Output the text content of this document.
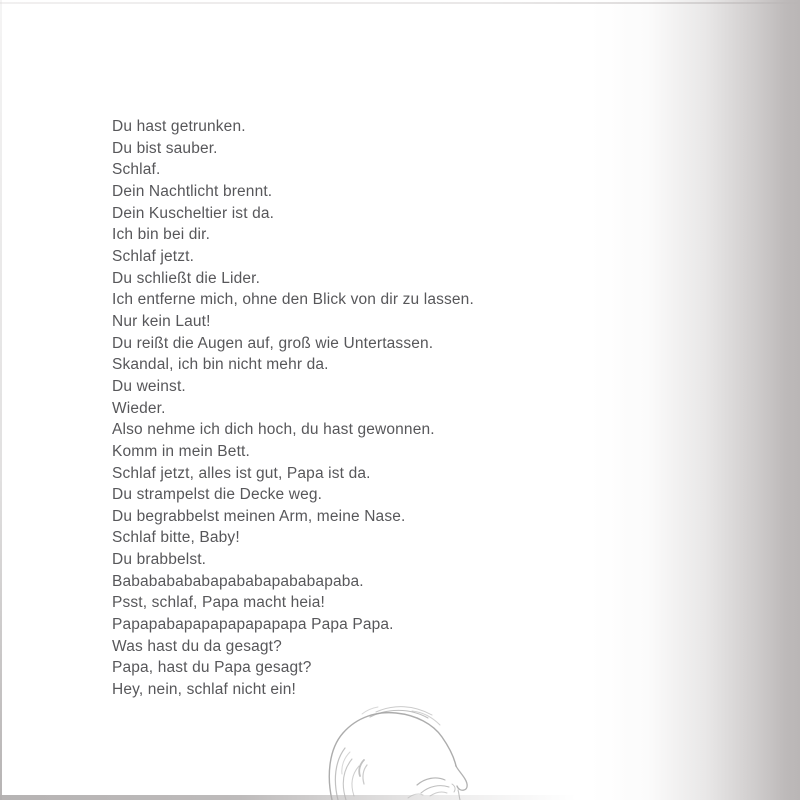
Du hast getrunken.
Du bist sauber.
Schlaf.
Dein Nachtlicht brennt.
Dein Kuscheltier ist da.
Ich bin bei dir.
Schlaf jetzt.
Du schließt die Lider.
Ich entferne mich, ohne den Blick von dir zu lassen.
Nur kein Laut!
Du reißt die Augen auf, groß wie Untertassen.
Skandal, ich bin nicht mehr da.
Du weinst.
Wieder.
Also nehme ich dich hoch, du hast gewonnen.
Komm in mein Bett.
Schlaf jetzt, alles ist gut, Papa ist da.
Du strampelst die Decke weg.
Du begrabbelst meinen Arm, meine Nase.
Schlaf bitte, Baby!
Du brabbelst.
Babababababapababapababapaba.
Psst, schlaf, Papa macht heia!
Papapabapapapapapapapa Papa Papa.
Was hast du da gesagt?
Papa, hast du Papa gesagt?
Hey, nein, schlaf nicht ein!
